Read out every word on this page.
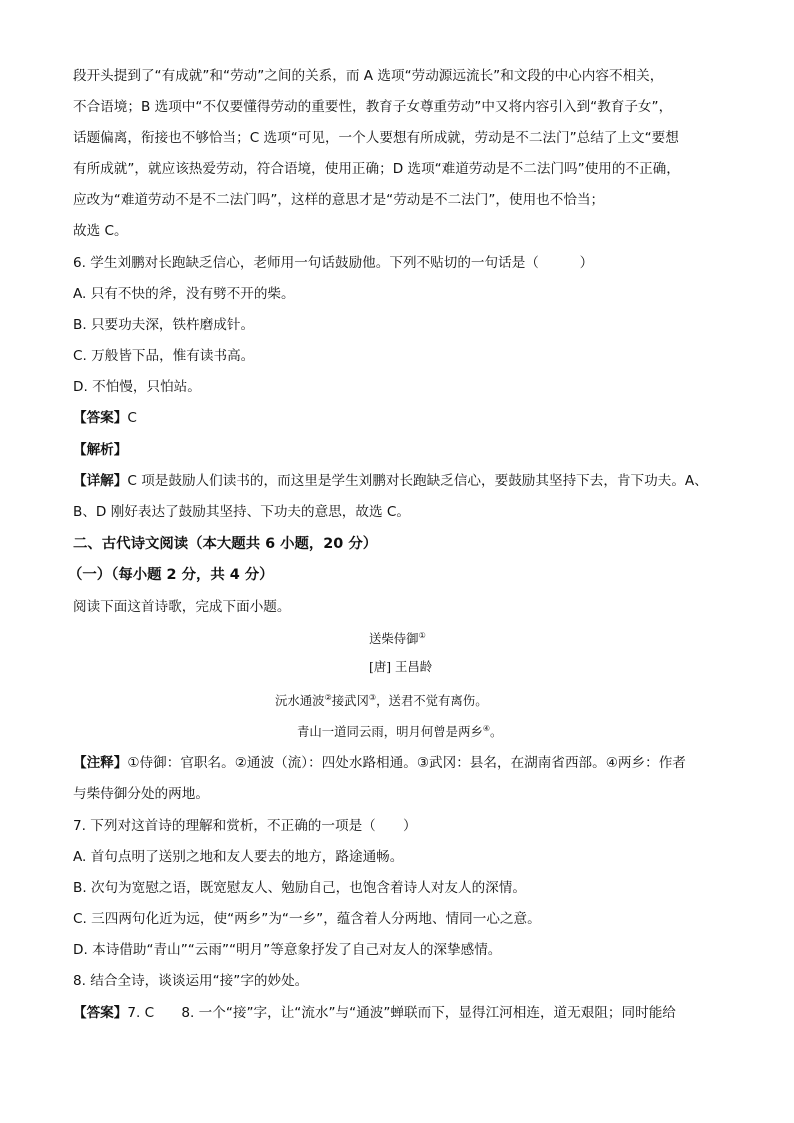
段开头提到了“有成就”和“劳动”之间的关系，而 A 选项“劳动源远流长”和文段的中心内容不相关，
不合语境；B 选项中“不仅要懂得劳动的重要性，教育子女尊重劳动”中又将内容引入到“教育子女”，
话题偏离，衔接也不够恰当；C 选项“可见，一个人要想有所成就，劳动是不二法门”总结了上文“要想
有所成就”，就应该热爱劳动，符合语境，使用正确；D 选项“难道劳动是不二法门吗”使用的不正确，
应改为“难道劳动不是不二法门吗”，这样的意思才是“劳动是不二法门”，使用也不恰当；
故选 C。
6. 学生刘鹏对长跑缺乏信心，老师用一句话鼓励他。下列不贴切的一句话是（　　　）
A. 只有不快的斧，没有劈不开的柴。
B. 只要功夫深，铁杵磨成针。
C. 万般皆下品，惟有读书高。
D. 不怕慢，只怕站。
【答案】C
【解析】
【详解】C 项是鼓励人们读书的，而这里是学生刘鹏对长跑缺乏信心，要鼓励其坚持下去，肯下功夫。A、
B、D 刚好表达了鼓励其坚持、下功夫的意思，故选 C。
二、古代诗文阅读（本大题共 6 小题，20 分）
（一）（每小题 2 分，共 4 分）
阅读下面这首诗歌，完成下面小题。
送柴侍御①
[唐] 王昌龄
沅水通波②接武冈③，送君不觉有离伤。
青山一道同云雨，明月何曾是两乡④。
【注释】①侍御：官职名。②通波（流）：四处水路相通。③武冈：县名，在湖南省西部。④两乡：作者
与柴侍御分处的两地。
7. 下列对这首诗的理解和赏析，不正确的一项是（　　）
A. 首句点明了送别之地和友人要去的地方，路途通畅。
B. 次句为宽慰之语，既宽慰友人、勉励自己，也饱含着诗人对友人的深情。
C. 三四两句化近为远，使“两乡”为“一乡”，蕴含着人分两地、情同一心之意。
D. 本诗借助“青山”“云雨”“明月”等意象抒发了自己对友人的深挚感情。
8. 结合全诗，谈谈运用“接”字的妙处。
【答案】7. C　　8. 一个“接”字，让“流水”与“通波”蝉联而下，显得江河相连，道无艰阻；同时能给
